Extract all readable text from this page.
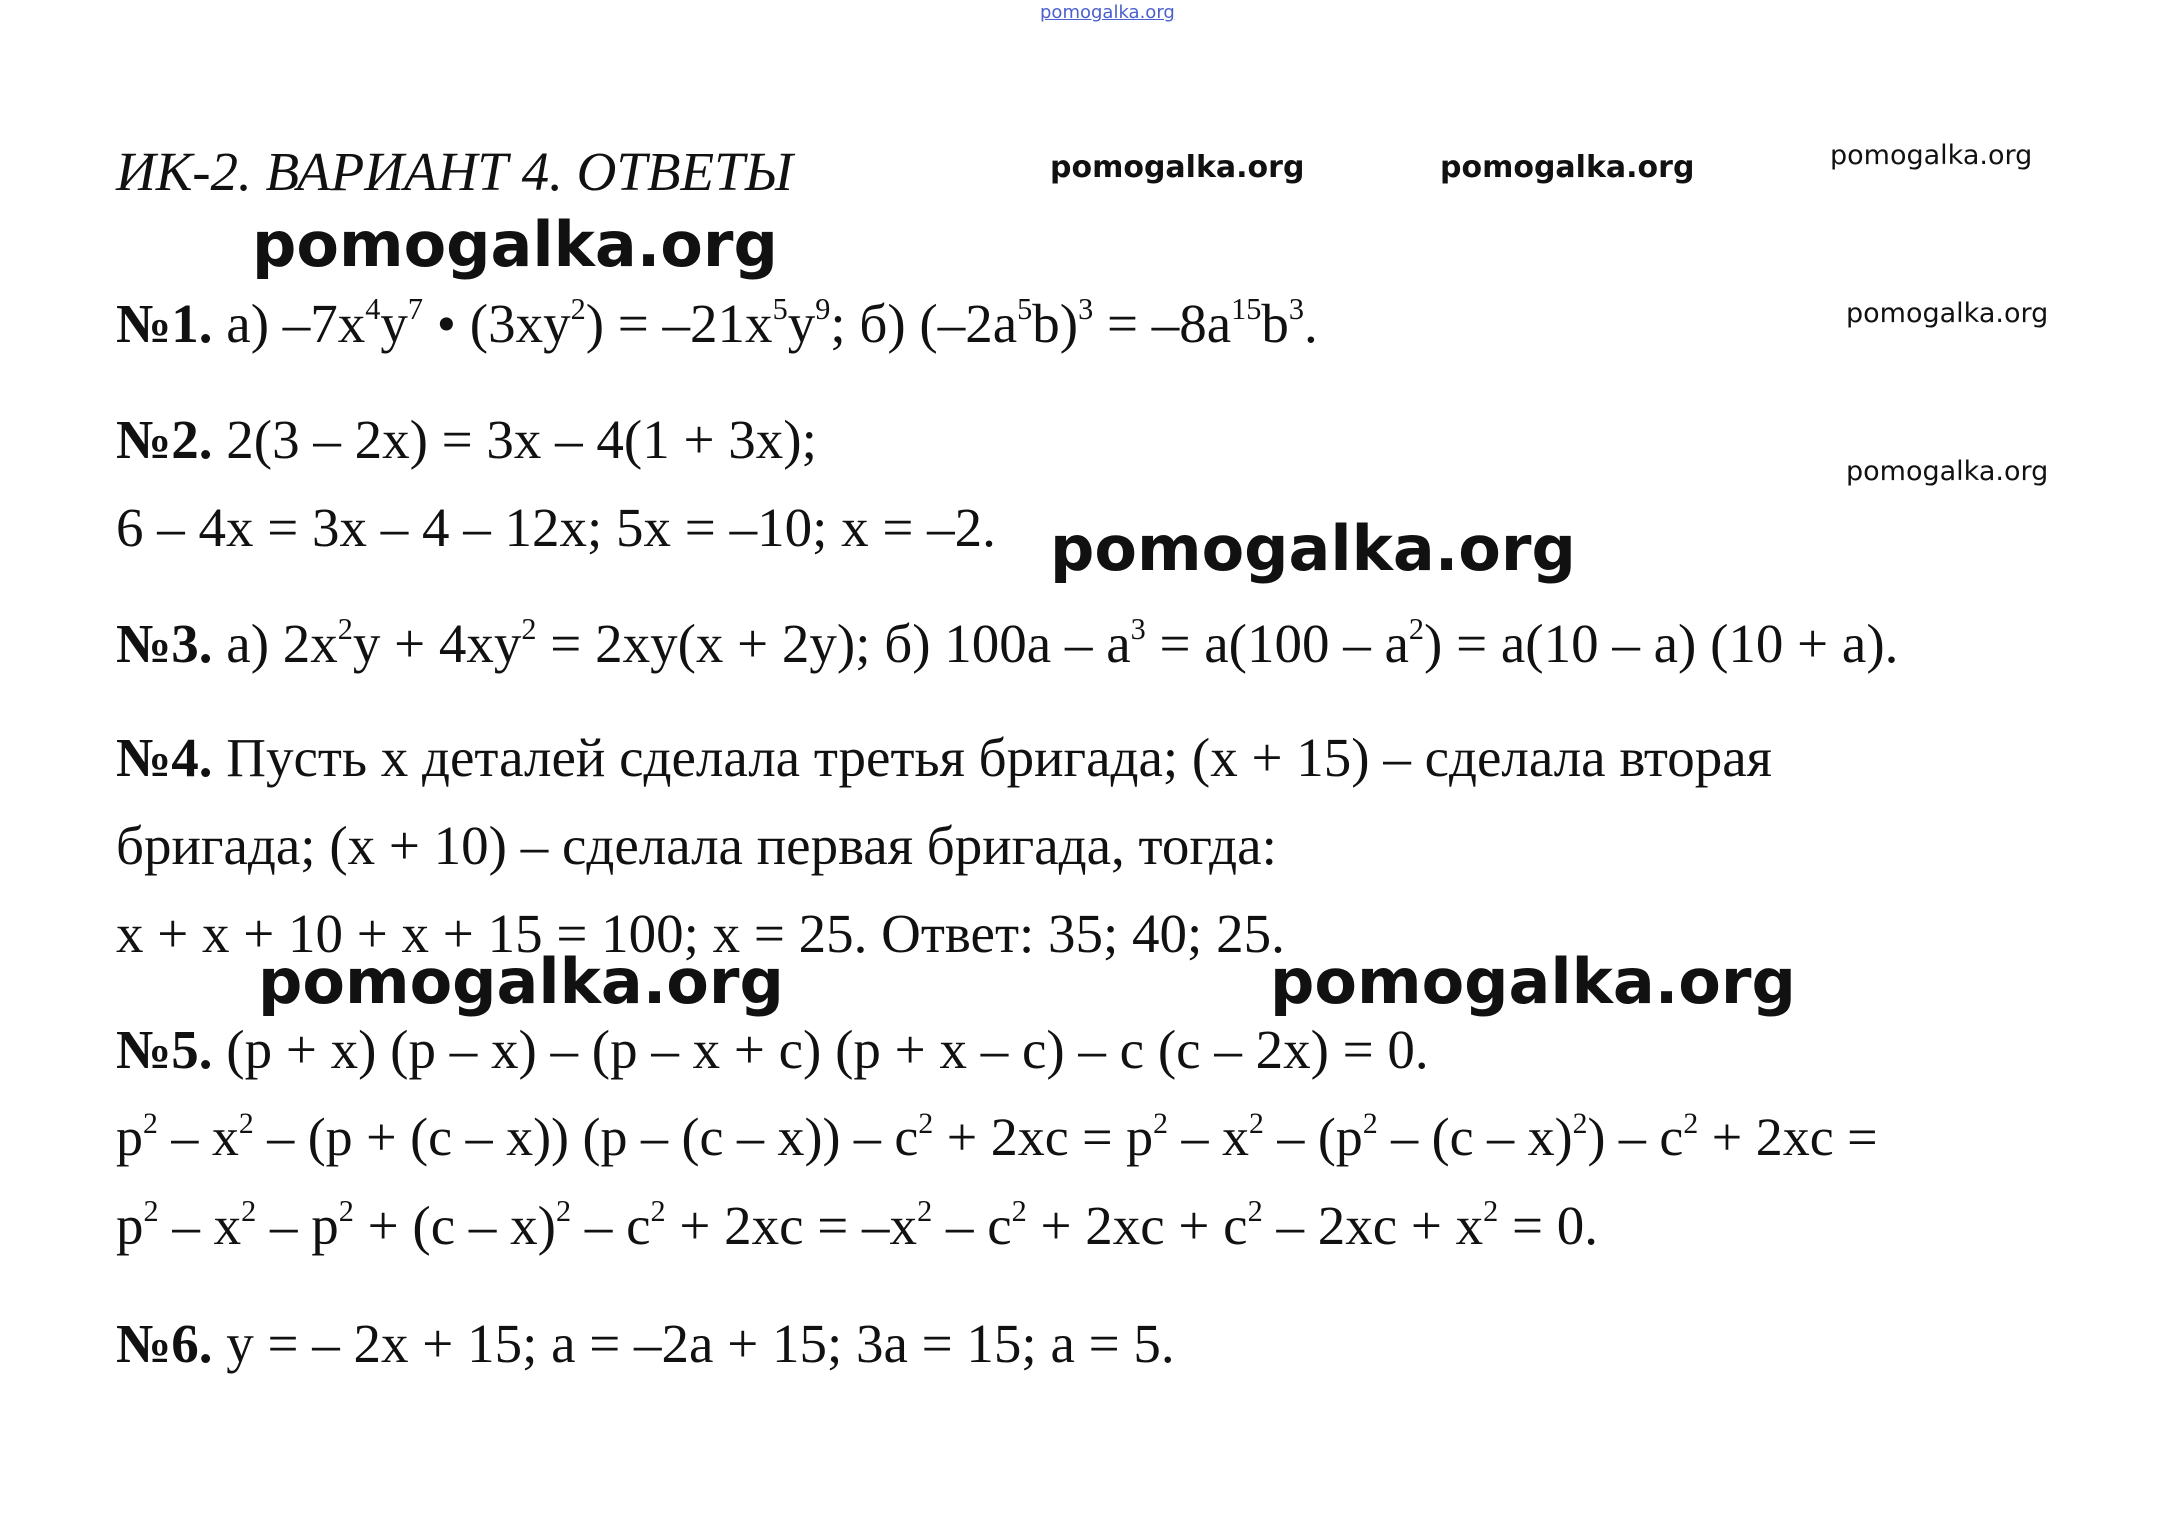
pomogalka.org
ИК-2. ВАРИАНТ 4. ОТВЕТЫ	pomogalka.org	pomogalka.org	pomogalka.org
pomogalka.org
pomogalka.org
pomogalka.org
pomogalka.org
pomogalka.org	pomogalka.org
№1. а) $-7x^4y^7$ • $(3xy^2) = -21x^5y^9$; б) $(-2a^5b)^3 = -8a^{15}b^3$.
№2. 2(3 – 2x) = 3x – 4(1 + 3x);
6 – 4x = 3x – 4 – 12x; 5x = –10; x = –2.
№3. а) $2x^2y + 4xy^2 = 2xy(x + 2y)$; б) $100a - a^3 = a(100 - a^2) = a(10 - a) (10 + a)$.
№4. Пусть x деталей сделала третья бригада; (x + 15) – сделала вторая
бригада; (x + 10) – сделала первая бригада, тогда:
x + x + 10 + x + 15 = 100; x = 25. Ответ: 35; 40; 25.
№5. (p + x) (p – x) – (p – x + c) (p + x – c) – c (c – 2x) = 0.
$p^2 - x^2 - (p + (c - x))$ $(p - (c - x)) - c^2 + 2xc = p^2 - x^2 - (p^2 - (c - x)^2) - c^2 + 2xc$ =
$p^2 - x^2 - p^2 + (c - x)^2 - c^2 + 2xc = -x^2 - c^2 + 2xc + c^2 - 2xc + x^2 = 0$.
№6. y = – 2x + 15; a = –2a + 15; 3a = 15; a = 5.
